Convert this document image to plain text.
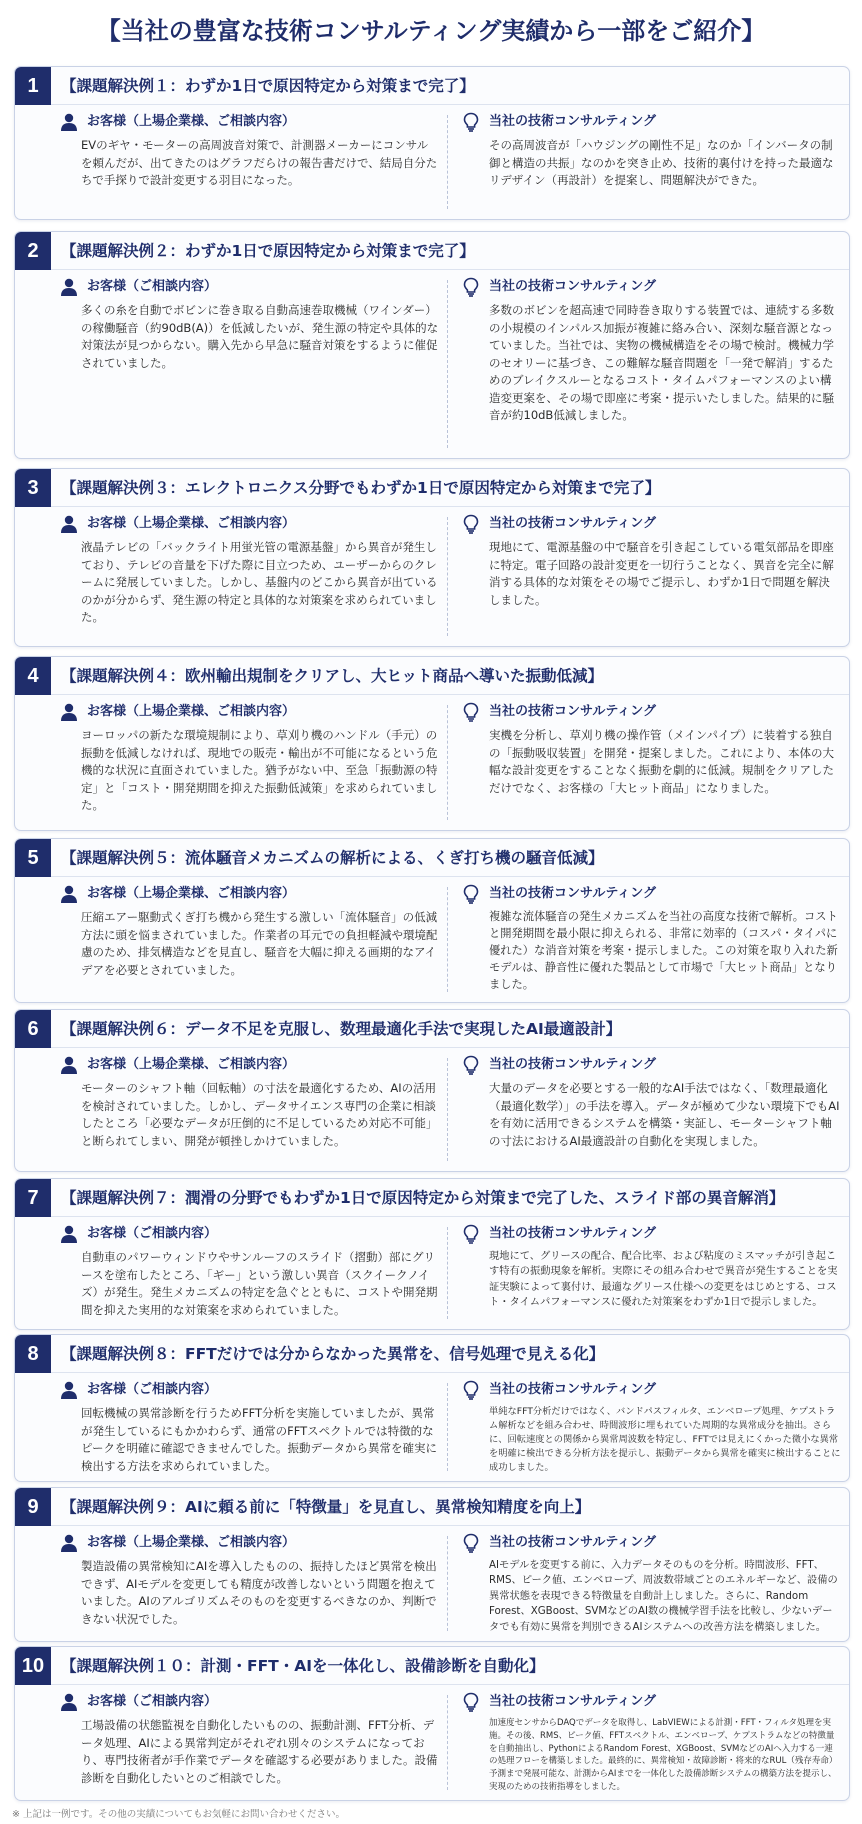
【当社の豊富な技術コンサルティング実績から一部をご紹介】
1	【課題解決例１：わずか1日で原因特定から対策まで完了】
お客様（上場企業様、ご相談内容）
EVのギヤ・モーターの高周波音対策で、計測器メーカーにコンサルを頼んだが、出てきたのはグラフだらけの報告書だけで、結局自分たちで手探りで設計変更する羽目になった。
当社の技術コンサルティング
その高周波音が「ハウジングの剛性不足」なのか「インバータの制御と構造の共振」なのかを突き止め、技術的裏付けを持った最適なリデザイン（再設計）を提案し、問題解決ができた。
2	【課題解決例２：わずか1日で原因特定から対策まで完了】
お客様（ご相談内容）
多くの糸を自動でボビンに巻き取る自動高速巻取機械（ワインダー）の稼働騒音（約90dB(A)）を低減したいが、発生源の特定や具体的な対策法が見つからない。購入先から早急に騒音対策をするように催促されていました。
当社の技術コンサルティング
多数のボビンを超高速で同時巻き取りする装置では、連続する多数の小規模のインパルス加振が複雑に絡み合い、深刻な騒音源となっていました。当社では、実物の機械構造をその場で検討。機械力学のセオリーに基づき、この難解な騒音問題を「一発で解消」するためのブレイクスルーとなるコスト・タイムパフォーマンスのよい構造変更案を、その場で即座に考案・提示いたしました。結果的に騒音が約10dB低減しました。
3	【課題解決例３：エレクトロニクス分野でもわずか1日で原因特定から対策まで完了】
お客様（上場企業様、ご相談内容）
液晶テレビの「バックライト用蛍光管の電源基盤」から異音が発生しており、テレビの音量を下げた際に目立つため、ユーザーからのクレームに発展していました。しかし、基盤内のどこから異音が出ているのかが分からず、発生源の特定と具体的な対策案を求められていました。
当社の技術コンサルティング
現地にて、電源基盤の中で騒音を引き起こしている電気部品を即座に特定。電子回路の設計変更を一切行うことなく、異音を完全に解消する具体的な対策をその場でご提示し、わずか1日で問題を解決しました。
4	【課題解決例４：欧州輸出規制をクリアし、大ヒット商品へ導いた振動低減】
お客様（上場企業様、ご相談内容）
ヨーロッパの新たな環境規制により、草刈り機のハンドル（手元）の振動を低減しなければ、現地での販売・輸出が不可能になるという危機的な状況に直面されていました。猶予がない中、至急「振動源の特定」と「コスト・開発期間を抑えた振動低減策」を求められていました。
当社の技術コンサルティング
実機を分析し、草刈り機の操作管（メインパイプ）に装着する独自の「振動吸収装置」を開発・提案しました。これにより、本体の大幅な設計変更をすることなく振動を劇的に低減。規制をクリアしただけでなく、お客様の「大ヒット商品」になりました。
5	【課題解決例５：流体騒音メカニズムの解析による、くぎ打ち機の騒音低減】
お客様（上場企業様、ご相談内容）
圧縮エアー駆動式くぎ打ち機から発生する激しい「流体騒音」の低減方法に頭を悩まされていました。作業者の耳元での負担軽減や環境配慮のため、排気構造などを見直し、騒音を大幅に抑える画期的なアイデアを必要とされていました。
当社の技術コンサルティング
複雑な流体騒音の発生メカニズムを当社の高度な技術で解析。コストと開発期間を最小限に抑えられる、非常に効率的（コスパ・タイパに優れた）な消音対策を考案・提示しました。この対策を取り入れた新モデルは、静音性に優れた製品として市場で「大ヒット商品」となりました。
6	【課題解決例６：データ不足を克服し、数理最適化手法で実現したAI最適設計】
お客様（上場企業様、ご相談内容）
モーターのシャフト軸（回転軸）の寸法を最適化するため、AIの活用を検討されていました。しかし、データサイエンス専門の企業に相談したところ「必要なデータが圧倒的に不足しているため対応不可能」と断られてしまい、開発が頓挫しかけていました。
当社の技術コンサルティング
大量のデータを必要とする一般的なAI手法ではなく、「数理最適化（最適化数学）」の手法を導入。データが極めて少ない環境下でもAIを有効に活用できるシステムを構築・実証し、モーターシャフト軸の寸法におけるAI最適設計の自動化を実現しました。
7	【課題解決例７：潤滑の分野でもわずか1日で原因特定から対策まで完了した、スライド部の異音解消】
お客様（ご相談内容）
自動車のパワーウィンドウやサンルーフのスライド（摺動）部にグリースを塗布したところ、「ギー」という激しい異音（スクイークノイズ）が発生。発生メカニズムの特定を急ぐとともに、コストや開発期間を抑えた実用的な対策案を求められていました。
当社の技術コンサルティング
現地にて、グリースの配合、配合比率、および粘度のミスマッチが引き起こす特有の振動現象を解析。実際にその組み合わせで異音が発生することを実証実験によって裏付け、最適なグリース仕様への変更をはじめとする、コスト・タイムパフォーマンスに優れた対策案をわずか1日で提示しました。
8	【課題解決例８：FFTだけでは分からなかった異常を、信号処理で見える化】
お客様（ご相談内容）
回転機械の異常診断を行うためFFT分析を実施していましたが、異常が発生しているにもかかわらず、通常のFFTスペクトルでは特徴的なピークを明確に確認できませんでした。振動データから異常を確実に検出する方法を求められていました。
当社の技術コンサルティング
単純なFFT分析だけではなく、バンドパスフィルタ、エンベロープ処理、ケプストラム解析などを組み合わせ、時間波形に埋もれていた周期的な異常成分を抽出。さらに、回転速度との関係から異常周波数を特定し、FFTでは見えにくかった微小な異常を明確に検出できる分析方法を提示し、振動データから異常を確実に検出することに成功しました。
9	【課題解決例９：AIに頼る前に「特徴量」を見直し、異常検知精度を向上】
お客様（上場企業様、ご相談内容）
製造設備の異常検知にAIを導入したものの、振持したほど異常を検出できず、AIモデルを変更しても精度が改善しないという問題を抱えていました。AIのアルゴリズムそのものを変更するべきなのか、判断できない状況でした。
当社の技術コンサルティング
AIモデルを変更する前に、入力データそのものを分析。時間波形、FFT、RMS、ピーク値、エンベロープ、周波数帯域ごとのエネルギーなど、設備の異常状態を表現できる特徴量を自動計上しました。さらに、Random Forest、XGBoost、SVMなどのAI数の機械学習手法を比較し、少ないデータでも有効に異常を判別できるAIシステムへの改善方法を構築しました。
10	【課題解決例１０：計測・FFT・AIを一体化し、設備診断を自動化】
お客様（ご相談内容）
工場設備の状態監視を自動化したいものの、振動計測、FFT分析、データ処理、AIによる異常判定がそれぞれ別々のシステムになっており、専門技術者が手作業でデータを確認する必要がありました。設備診断を自動化したいとのご相談でした。
当社の技術コンサルティング
加速度センサからDAQでデータを取得し、LabVIEWによる計測・FFT・フィルタ処理を実施。その後、RMS、ピーク値、FFTスペクトル、エンベロープ、ケプストラムなどの特徴量を自動抽出し、PythonによるRandom Forest、XGBoost、SVMなどのAIへ入力する一連の処理フローを構築しました。最終的に、異常検知・故障診断・将来的なRUL（残存寿命）予測まで発展可能な、計測からAIまでを一体化した設備診断システムの構築方法を提示し、実現のための技術指導をしました。
※ 上記は一例です。その他の実績についてもお気軽にお問い合わせください。
